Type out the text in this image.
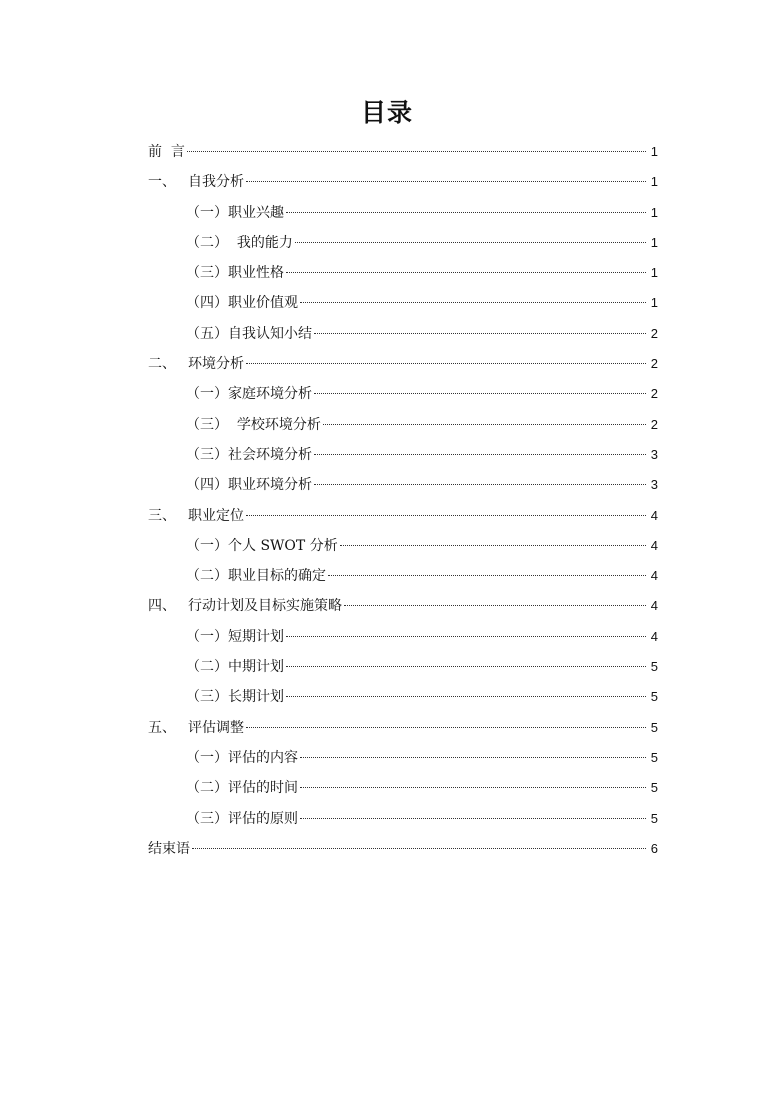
目录
前  言	1
一、 自我分析	1
（一） 职业兴趣	1
（二） 我的能力	1
（三） 职业性格	1
（四） 职业价值观	1
（五） 自我认知小结	2
二、 环境分析	2
（一） 家庭环境分析	2
（三） 学校环境分析	2
（三） 社会环境分析	3
（四） 职业环境分析	3
三、 职业定位	4
（一） 个人 SWOT 分析	4
（二） 职业目标的确定	4
四、 行动计划及目标实施策略	4
（一） 短期计划	4
（二） 中期计划	5
（三） 长期计划	5
五、 评估调整	5
（一） 评估的内容	5
（二） 评估的时间	5
（三） 评估的原则	5
结束语	6
